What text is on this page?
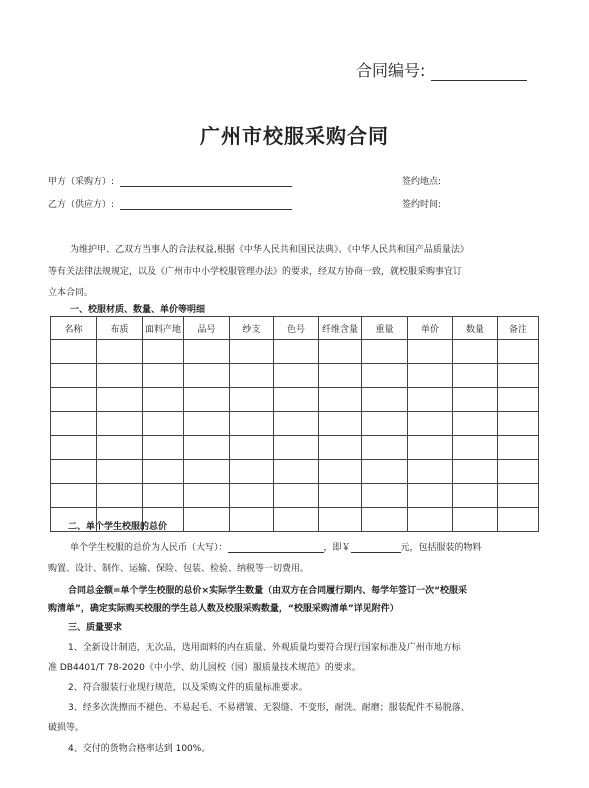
合同编号:
广州市校服采购合同
甲方（采购方）:	签约地点:
乙方（供应方）:	签约时间:
为维护甲、乙双方当事人的合法权益,根据《中华人民共和国民法典》、《中华人民共和国产品质量法》
等有关法律法规规定，以及《广州市中小学校服管理办法》的要求，经双方协商一致，就校服采购事宜订
立本合同。
一、校服材质、数量、单价等明细
名称	布质	面料产地	品号	纱支	色号	纤维含量	重量	单价	数量	备注

二、单个学生校服的总价
单个学生校服的总价为人民币（大写）：	，即￥	元，包括服装的物料
购置、设计、制作、运输、保险、包装、检验、纳税等一切费用。
合同总金额=单个学生校服的总价×实际学生数量（由双方在合同履行期内、每学年签订一次“校服采
购清单”，确定实际购买校服的学生总人数及校服采购数量，“校服采购清单”详见附件）
三、质量要求
1、全新设计制造，无次品，选用面料的内在质量、外观质量均要符合现行国家标准及广州市地方标
准 DB4401/T 78-2020《中小学、幼儿园校（园）服质量技术规范》的要求。
2、符合服装行业现行规范，以及采购文件的质量标准要求。
3、经多次洗擦而不褪色、不易起毛、不易褶皱、无裂缝、不变形，耐洗、耐磨；服装配件不易脱落、
破损等。
4、交付的货物合格率达到 100%。
